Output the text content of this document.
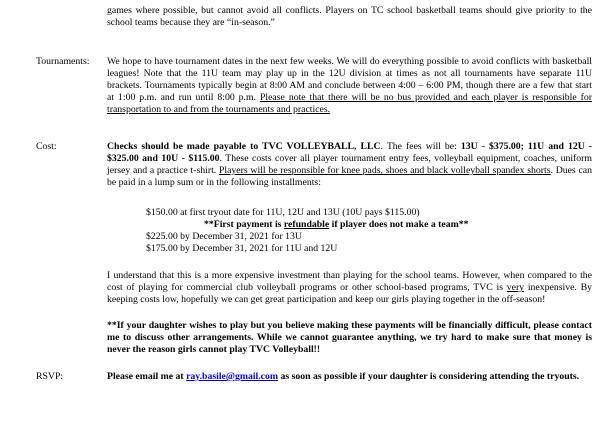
games where possible, but cannot avoid all conflicts. Players on TC school basketball teams should give priority to the school teams because they are “in-season.”

Tournaments: We hope to have tournament dates in the next few weeks. We will do everything possible to avoid conflicts with basketball leagues! Note that the 11U team may play up in the 12U division at times as not all tournaments have separate 11U brackets. Tournaments typically begin at 8:00 AM and conclude between 4:00 – 6:00 PM, though there are a few that start at 1:00 p.m. and run until 8:00 p.m. Please note that there will be no bus provided and each player is responsible for transportation to and from the tournaments and practices.

Cost:	Checks should be made payable to TVC VOLLEYBALL, LLC. The fees will be: 13U - $375.00; 11U and 12U - $325.00 and 10U - $115.00. These costs cover all player tournament entry fees, volleyball equipment, coaches, uniform jersey and a practice t-shirt. Players will be responsible for knee pads, shoes and black volleyball spandex shorts. Dues can be paid in a lump sum or in the following installments:

$150.00 at first tryout date for 11U, 12U and 13U (10U pays $115.00)

**First payment is refundable if player does not make a team**

$225.00 by December 31, 2021 for 13U

$175.00 by December 31, 2021 for 11U and 12U

I understand that this is a more expensive investment than playing for the school teams. However, when compared to the cost of playing for commercial club volleyball programs or other school-based programs, TVC is very inexpensive. By keeping costs low, hopefully we can get great participation and keep our girls playing together in the off-season!

**If your daughter wishes to play but you believe making these payments will be financially difficult, please contact me to discuss other arrangements. While we cannot guarantee anything, we try hard to make sure that money is never the reason girls cannot play TVC Volleyball!!

RSVP:	Please email me at ray.basile@gmail.com as soon as possible if your daughter is considering attending the tryouts.
